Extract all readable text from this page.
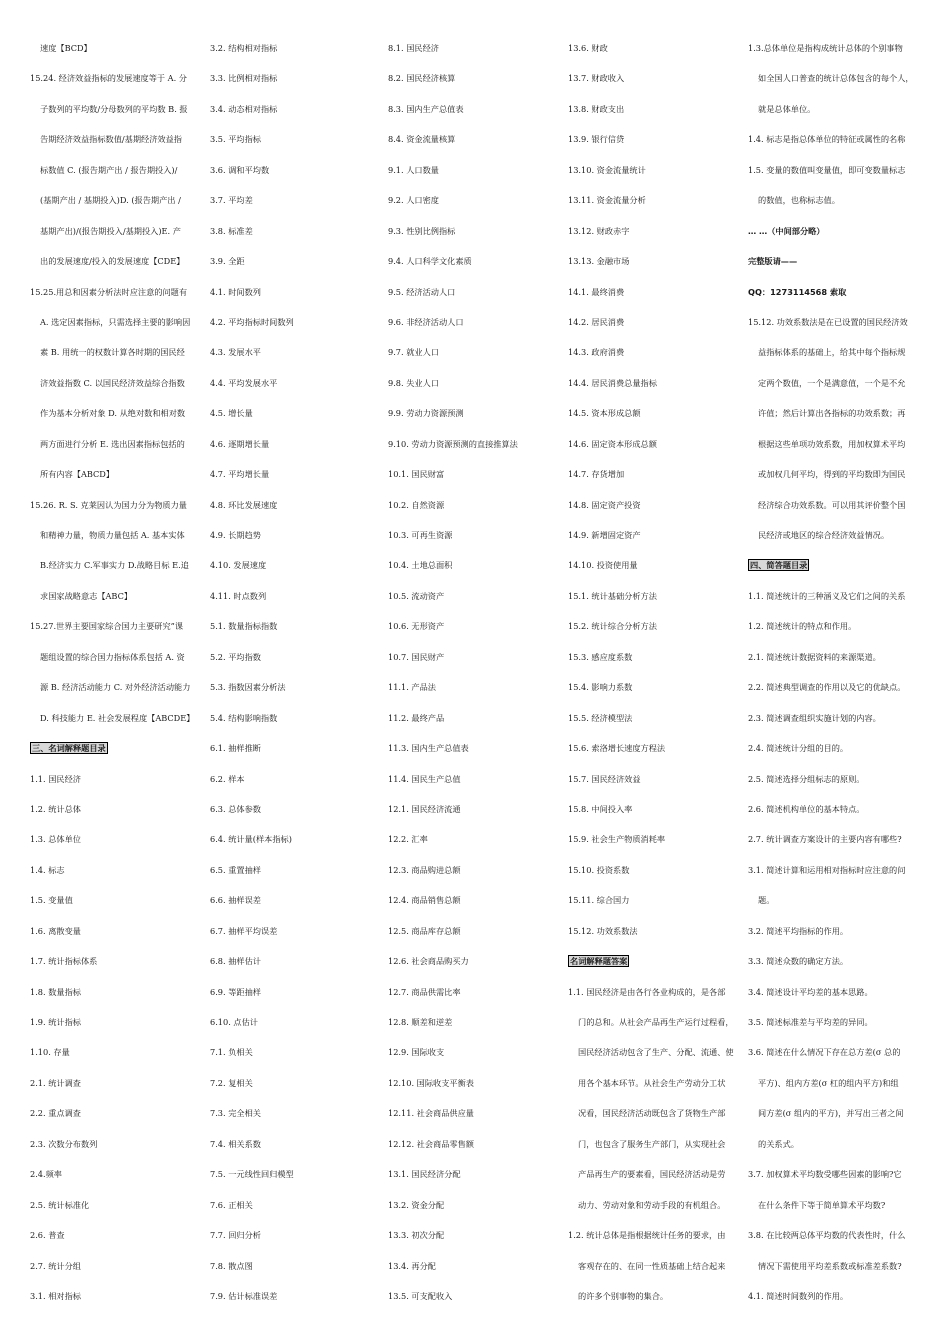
速度【BCD】
15.24. 经济效益指标的发展速度等于 A. 分
子数列的平均数/分母数列的平均数 B. 报
告期经济效益指标数值/基期经济效益指
标数值 C. (报告期产出 / 报告期投入)/
(基期产出 / 基期投入)D. (报告期产出 /
基期产出)/(报告期投入/基期投入)E. 产
出的发展速度/投入的发展速度【CDE】
15.25.用总和因素分析法时应注意的问题有
A. 选定因素指标，只需选择主要的影响因
素 B. 用统一的权数计算各时期的国民经
济效益指数 C. 以国民经济效益综合指数
作为基本分析对象 D. 从绝对数和相对数
两方面进行分析 E. 选出因素指标包括的
所有内容【ABCD】
15.26. R. S. 克莱因认为国力分为物质力量
和精神力量，物质力量包括 A. 基本实体
B.经济实力 C.军事实力 D.战略目标 E.追
求国家战略意志【ABC】
15.27.世界主要国家综合国力主要研究”课
题组设置的综合国力指标体系包括 A. 资
源 B. 经济活动能力 C. 对外经济活动能力
D. 科技能力 E. 社会发展程度【ABCDE】
三、名词解释题目录
1.1. 国民经济
1.2. 统计总体
1.3. 总体单位
1.4. 标志
1.5. 变量值
1.6. 离散变量
1.7. 统计指标体系
1.8. 数量指标
1.9. 统计指标
1.10. 存量
2.1. 统计调查
2.2. 重点调查
2.3. 次数分布数列
2.4.频率
2.5. 统计标准化
2.6. 普查
2.7. 统计分组
3.1. 相对指标
3.2. 结构相对指标
3.3. 比例相对指标
3.4. 动态相对指标
3.5. 平均指标
3.6. 调和平均数
3.7. 平均差
3.8. 标准差
3.9. 全距
4.1. 时间数列
4.2. 平均指标时间数列
4.3. 发展水平
4.4. 平均发展水平
4.5. 增长量
4.6. 逐期增长量
4.7. 平均增长量
4.8. 环比发展速度
4.9. 长期趋势
4.10. 发展速度
4.11. 时点数列
5.1. 数量指标指数
5.2. 平均指数
5.3. 指数因素分析法
5.4. 结构影响指数
6.1. 抽样推断
6.2. 样本
6.3. 总体参数
6.4. 统计量(样本指标)
6.5. 重置抽样
6.6. 抽样误差
6.7. 抽样平均误差
6.8. 抽样估计
6.9. 等距抽样
6.10. 点估计
7.1. 负相关
7.2. 复相关
7.3. 完全相关
7.4. 相关系数
7.5. 一元线性回归模型
7.6. 正相关
7.7. 回归分析
7.8. 散点图
7.9. 估计标准误差
8.1. 国民经济
8.2. 国民经济核算
8.3. 国内生产总值表
8.4. 资金流量核算
9.1. 人口数量
9.2. 人口密度
9.3. 性别比例指标
9.4. 人口科学文化素质
9.5. 经济活动人口
9.6. 非经济活动人口
9.7. 就业人口
9.8. 失业人口
9.9. 劳动力资源预测
9.10. 劳动力资源预测的直接推算法
10.1. 国民财富
10.2. 自然资源
10.3. 可再生资源
10.4. 土地总面积
10.5. 流动资产
10.6. 无形资产
10.7. 国民财产
11.1. 产品法
11.2. 最终产品
11.3. 国内生产总值表
11.4. 国民生产总值
12.1. 国民经济流通
12.2. 汇率
12.3. 商品购进总额
12.4. 商品销售总额
12.5. 商品库存总额
12.6. 社会商品购买力
12.7. 商品供需比率
12.8. 顺差和逆差
12.9. 国际收支
12.10. 国际收支平衡表
12.11. 社会商品供应量
12.12. 社会商品零售额
13.1. 国民经济分配
13.2. 资金分配
13.3. 初次分配
13.4. 再分配
13.5. 可支配收入
13.6. 财政
13.7. 财政收入
13.8. 财政支出
13.9. 银行信贷
13.10. 资金流量统计
13.11. 资金流量分析
13.12. 财政赤字
13.13. 金融市场
14.1. 最终消费
14.2. 居民消费
14.3. 政府消费
14.4. 居民消费总量指标
14.5. 资本形成总额
14.6. 固定资本形成总额
14.7. 存货增加
14.8. 固定资产投资
14.9. 新增固定资产
14.10. 投资使用量
15.1. 统计基础分析方法
15.2. 统计综合分析方法
15.3. 感应度系数
15.4. 影响力系数
15.5. 经济模型法
15.6. 索洛增长速度方程法
15.7. 国民经济效益
15.8. 中间投入率
15.9. 社会生产物质消耗率
15.10. 投资系数
15.11. 综合国力
15.12. 功效系数法
名词解释题答案
1.1. 国民经济是由各行各业构成的，是各部
门的总和。从社会产品再生产运行过程看，
国民经济活动包含了生产、分配、流通、使
用各个基本环节。从社会生产劳动分工状
况看，国民经济活动既包含了货物生产部
门，也包含了服务生产部门，从实现社会
产品再生产的要素看，国民经济活动是劳
动力、劳动对象和劳动手段的有机组合。
1.2. 统计总体是指根据统计任务的要求，由
客观存在的、在同一性质基础上结合起来
的许多个别事物的集合。
1.3.总体单位是指构成统计总体的个别事物
如全国人口普查的统计总体包含的每个人，
就是总体单位。
1.4. 标志是指总体单位的特征或属性的名称
1.5. 变量的数值叫变量值，即可变数量标志
的数值，也称标志值。
… …（中间部分略）
完整版请——
QQ：1273114568 索取
15.12. 功效系数法是在已设置的国民经济效
益指标体系的基础上，给其中每个指标规
定两个数值，一个是满意值，一个是不允
许值；然后计算出各指标的功效系数；再
根据这些单项功效系数，用加权算术平均
或加权几何平均，得到的平均数即为国民
经济综合功效系数。可以用其评价整个国
民经济或地区的综合经济效益情况。
四、简答题目录
1.1. 简述统计的三种涵义及它们之间的关系
1.2. 简述统计的特点和作用。
2.1. 简述统计数据资料的来源渠道。
2.2. 简述典型调查的作用以及它的优缺点。
2.3. 简述调查组织实施计划的内容。
2.4. 简述统计分组的目的。
2.5. 简述选择分组标志的原则。
2.6. 简述机构单位的基本特点。
2.7. 统计调查方案设计的主要内容有哪些?
3.1. 简述计算和运用相对指标时应注意的问
题。
3.2. 简述平均指标的作用。
3.3. 简述众数的确定方法。
3.4. 简述设计平均差的基本思路。
3.5. 简述标准差与平均差的异同。
3.6. 简述在什么情况下存在总方差(σ 总的
平方)、组内方差(σ 杠的组内平方)和组
间方差(σ 组内的平方)，并写出三者之间
的关系式。
3.7. 加权算术平均数受哪些因素的影响?它
在什么条件下等于简单算术平均数?
3.8. 在比较两总体平均数的代表性时，什么
情况下需使用平均差系数或标准差系数?
4.1. 简述时间数列的作用。
